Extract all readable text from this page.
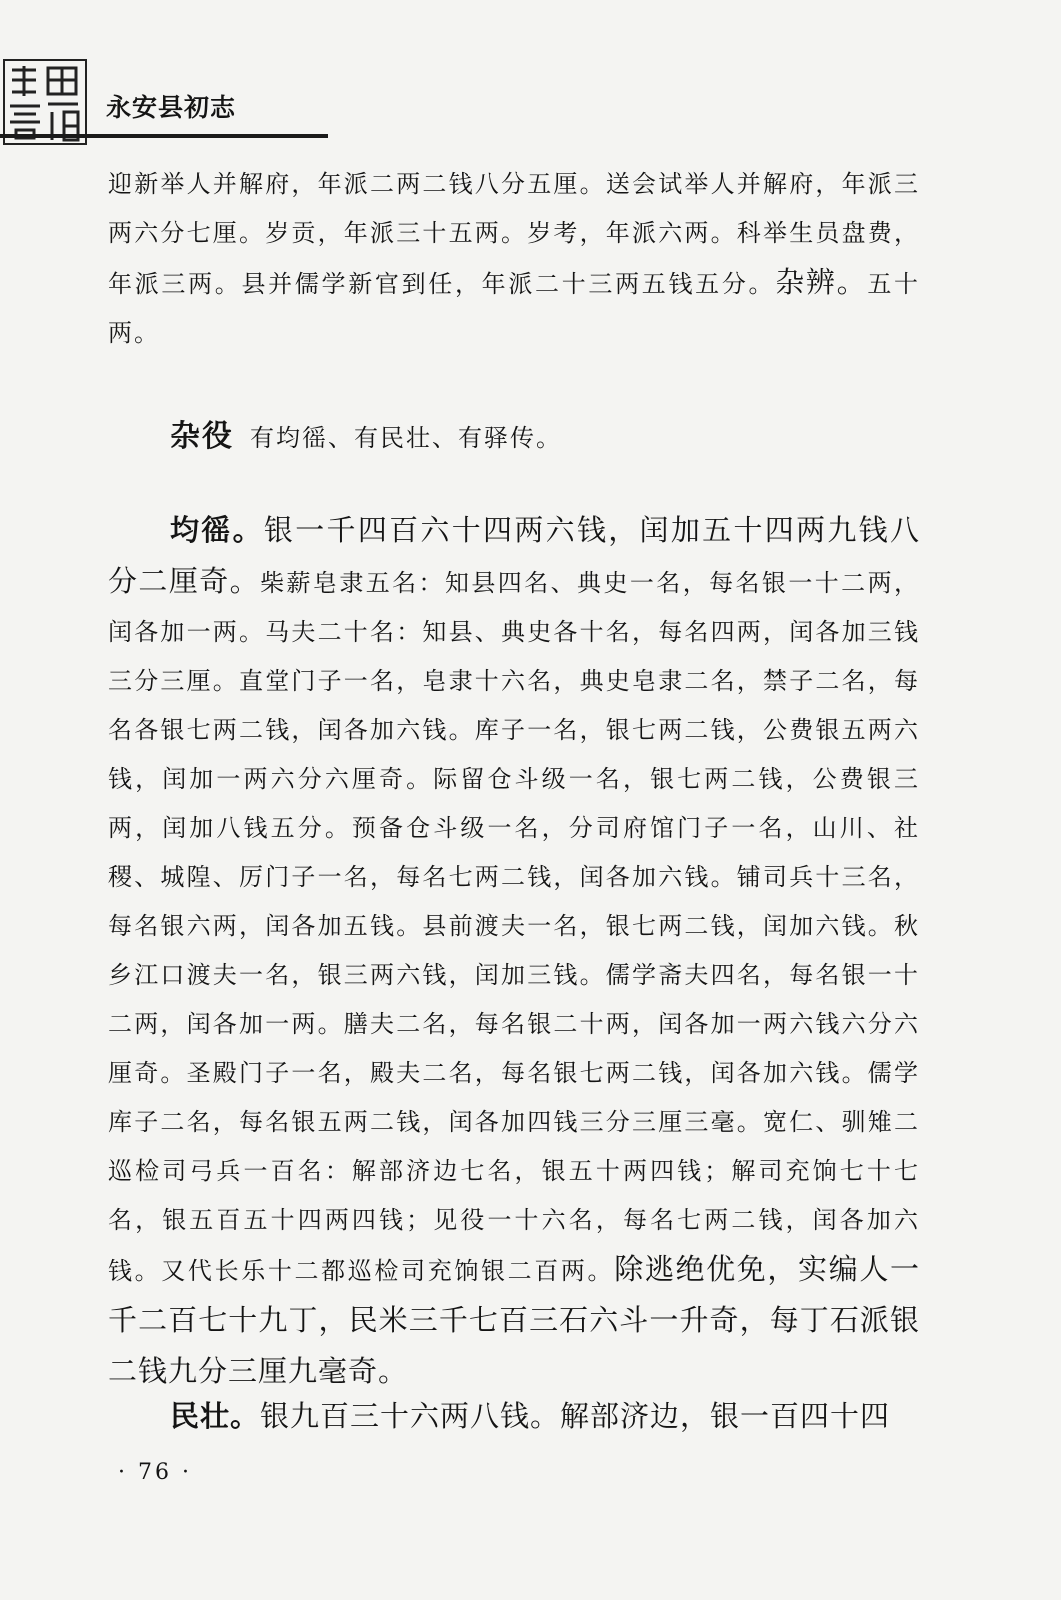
永安县初志
迎新举人并解府，年派二两二钱八分五厘。送会试举人并解府，年派三两六分七厘。岁贡，年派三十五两。岁考，年派六两。科举生员盘费，年派三两。县并儒学新官到任，年派二十三两五钱五分。杂辨。五十两。
杂役 有均徭、有民壮、有驿传。
均徭。银一千四百六十四两六钱，闰加五十四两九钱八分二厘奇。柴薪皂隶五名：知县四名、典史一名，每名银一十二两，闰各加一两。马夫二十名：知县、典史各十名，每名四两，闰各加三钱三分三厘。直堂门子一名，皂隶十六名，典史皂隶二名，禁子二名，每名各银七两二钱，闰各加六钱。库子一名，银七两二钱，公费银五两六钱，闰加一两六分六厘奇。际留仓斗级一名，银七两二钱，公费银三两，闰加八钱五分。预备仓斗级一名，分司府馆门子一名，山川、社稷、城隍、厉门子一名，每名七两二钱，闰各加六钱。铺司兵十三名，每名银六两，闰各加五钱。县前渡夫一名，银七两二钱，闰加六钱。秋乡江口渡夫一名，银三两六钱，闰加三钱。儒学斋夫四名，每名银一十二两，闰各加一两。膳夫二名，每名银二十两，闰各加一两六钱六分六厘奇。圣殿门子一名，殿夫二名，每名银七两二钱，闰各加六钱。儒学库子二名，每名银五两二钱，闰各加四钱三分三厘三毫。宽仁、驯雉二巡检司弓兵一百名：解部济边七名，银五十两四钱；解司充饷七十七名，银五百五十四两四钱；见役一十六名，每名七两二钱，闰各加六钱。又代长乐十二都巡检司充饷银二百两。除逃绝优免，实编人一千二百七十九丁，民米三千七百三石六斗一升奇，每丁石派银二钱九分三厘九毫奇。
民壮。银九百三十六两八钱。解部济边，银一百四十四
· 76 ·
